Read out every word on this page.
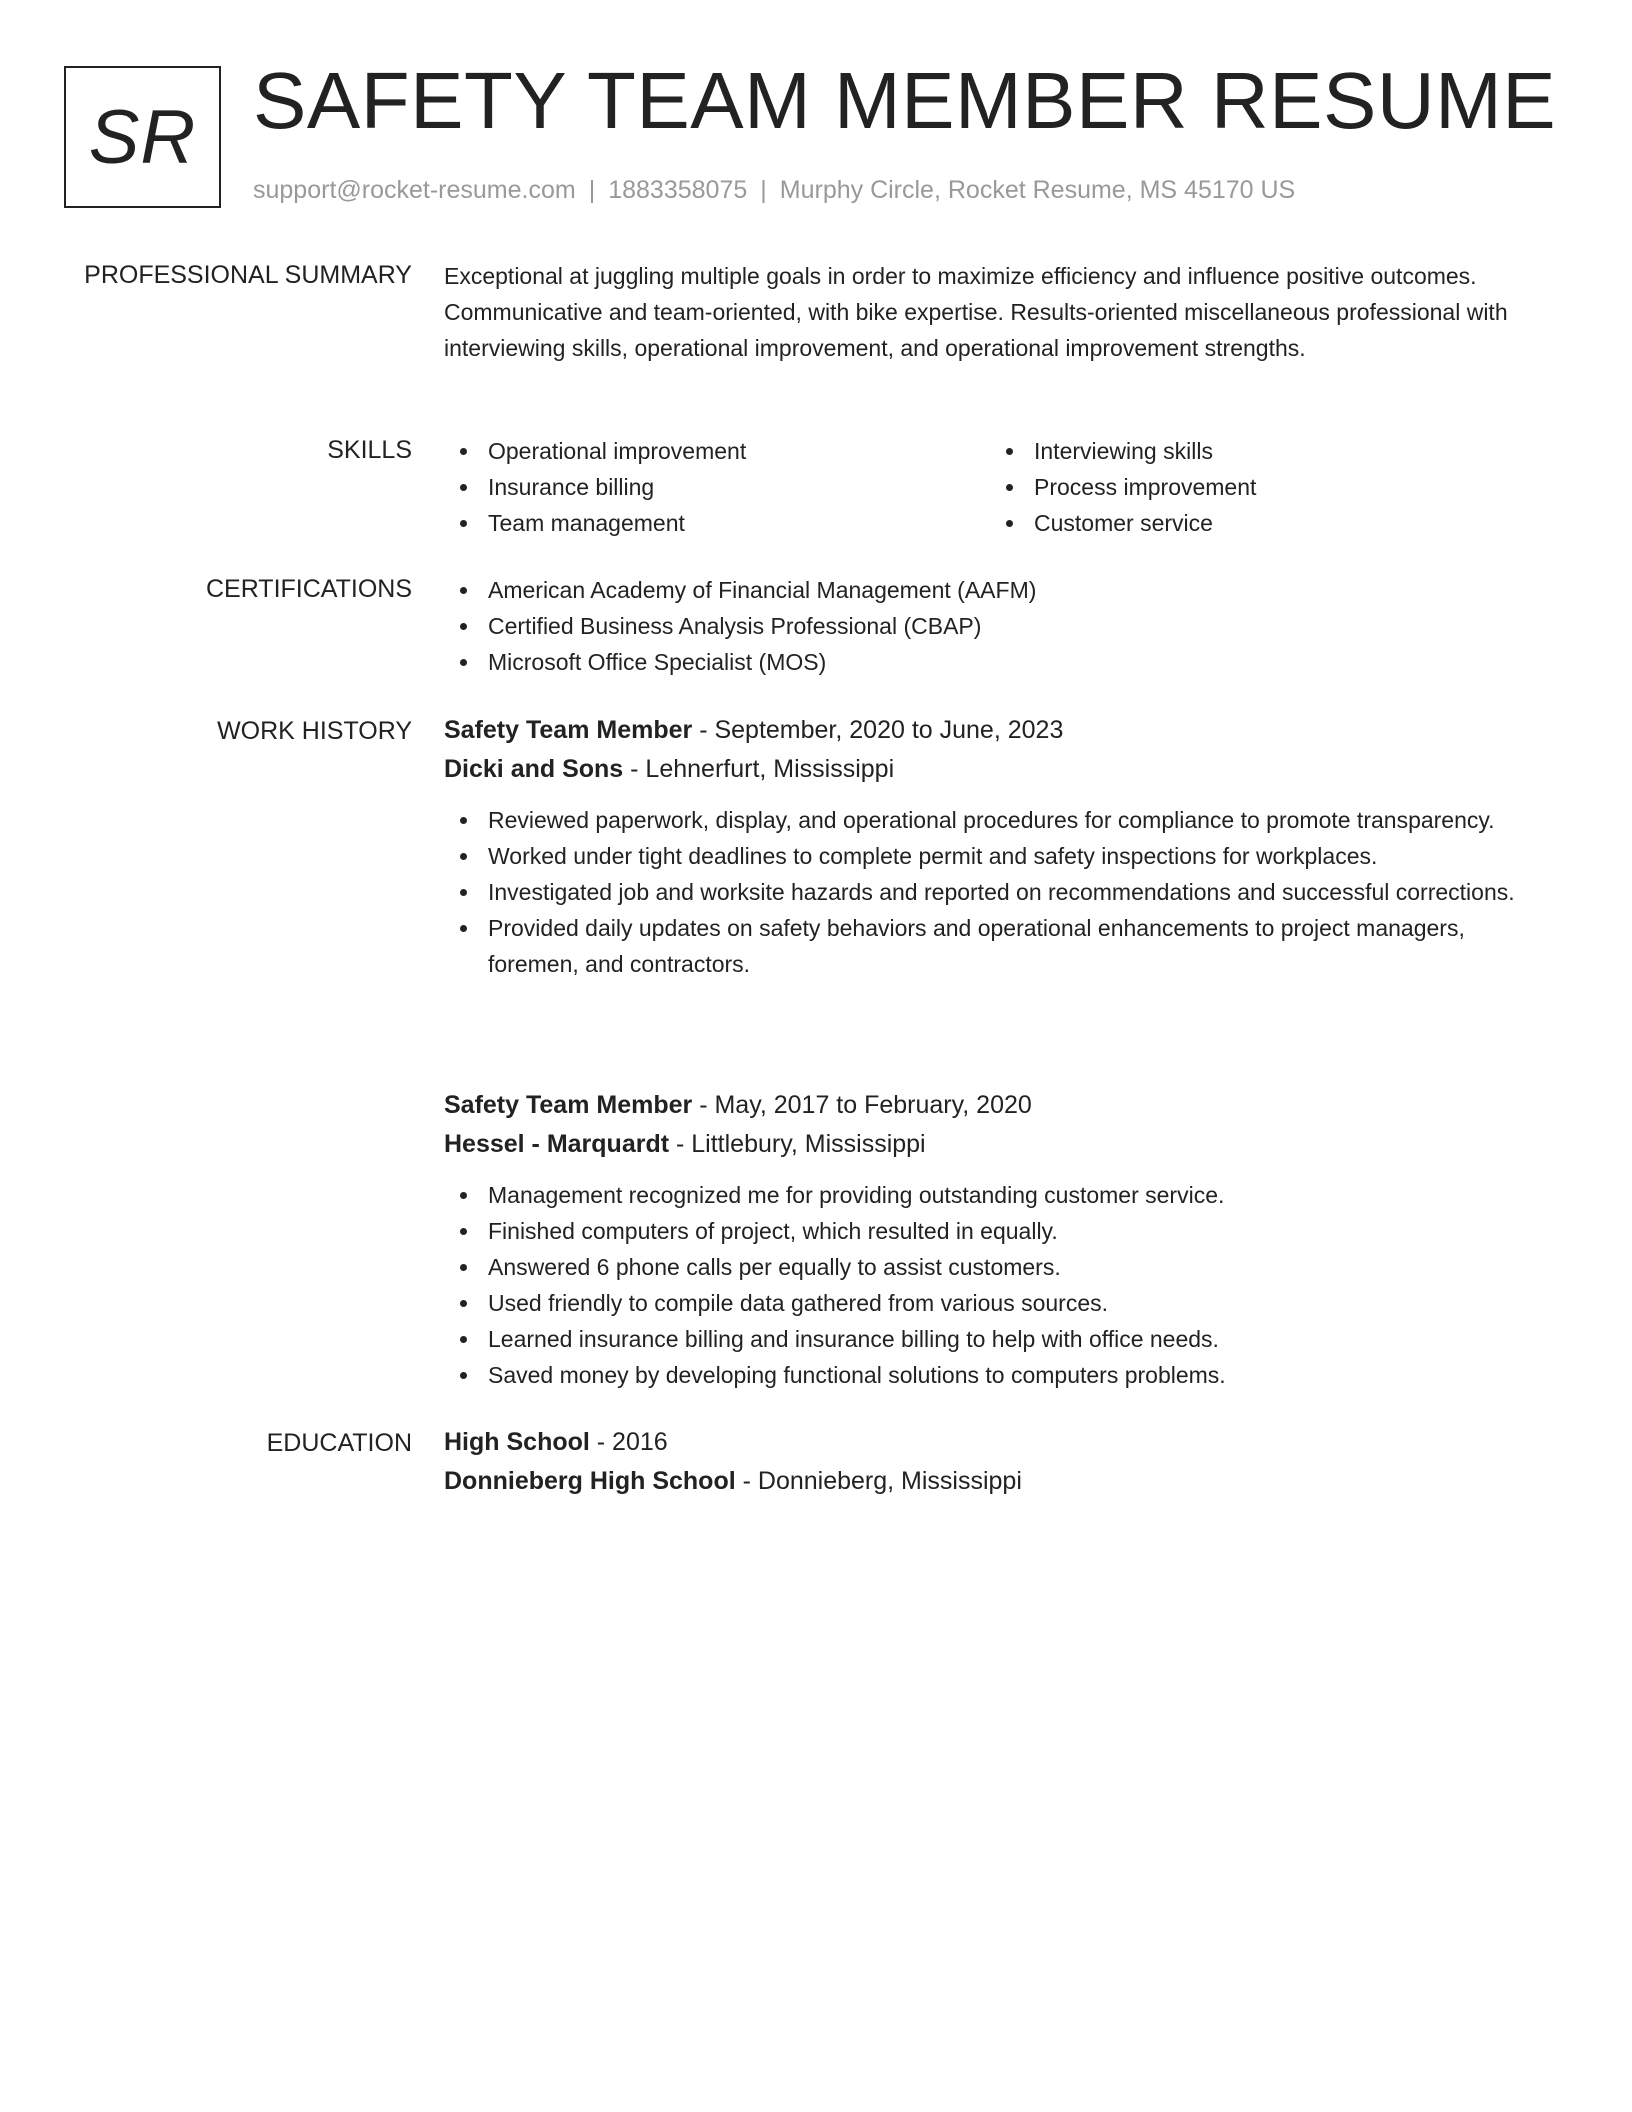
SR SAFETY TEAM MEMBER RESUME
support@rocket-resume.com | 1883358075 | Murphy Circle, Rocket Resume, MS 45170 US
PROFESSIONAL SUMMARY Exceptional at juggling multiple goals in order to maximize efficiency and influence positive outcomes. Communicative and team-oriented, with bike expertise. Results-oriented miscellaneous professional with interviewing skills, operational improvement, and operational improvement strengths.

SKILLS	Operational improvement
Insurance billing
Team management
Interviewing skills
Process improvement
Customer service
CERTIFICATIONS	American Academy of Financial Management (AAFM)
Certified Business Analysis Professional (CBAP)
Microsoft Office Specialist (MOS)
WORK HISTORY Safety Team Member - September, 2020 to June, 2023
Dicki and Sons - Lehnerfurt, Mississippi
Reviewed paperwork, display, and operational procedures for compliance to promote transparency.
Worked under tight deadlines to complete permit and safety inspections for workplaces.
Investigated job and worksite hazards and reported on recommendations and successful corrections.
Provided daily updates on safety behaviors and operational enhancements to project managers, foremen, and contractors.
Safety Team Member - May, 2017 to February, 2020
Hessel - Marquardt - Littlebury, Mississippi
Management recognized me for providing outstanding customer service.
Finished computers of project, which resulted in equally.
Answered 6 phone calls per equally to assist customers.
Used friendly to compile data gathered from various sources.
Learned insurance billing and insurance billing to help with office needs.
Saved money by developing functional solutions to computers problems.
EDUCATION High School - 2016
Donnieberg High School - Donnieberg, Mississippi
